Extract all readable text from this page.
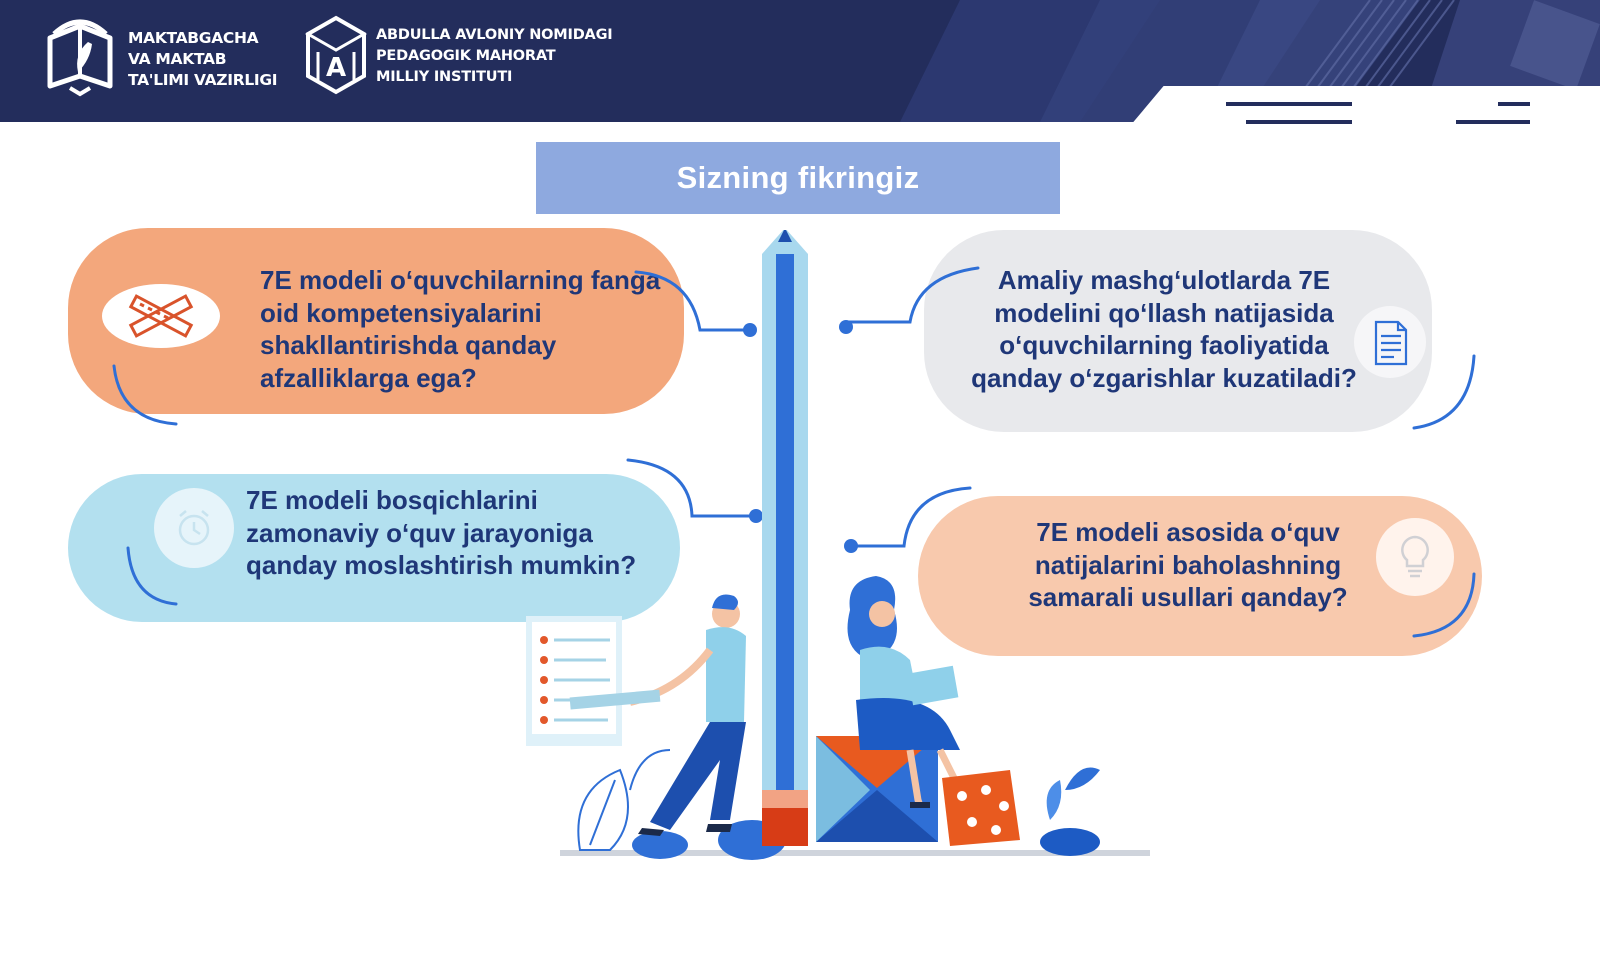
MAKTABGACHA
VA MAKTAB
TA'LIMI VAZIRLIGI A
ABDULLA AVLONIY NOMIDAGI
PEDAGOGIK MAHORAT
MILLIY INSTITUTI
Sizning fikringiz
7E modeli o‘quvchilarning fanga oid kompetensiyalarini shakllantirishda qanday afzalliklarga ega?
Amaliy mashg‘ulotlarda 7E modelini qo‘llash natijasida o‘quvchilarning faoliyatida qanday o‘zgarishlar kuzatiladi?
7E modeli bosqichlarini zamonaviy o‘quv jarayoniga qanday moslashtirish mumkin?
7E modeli asosida o‘quv natijalarini baholashning samarali usullari qanday?
